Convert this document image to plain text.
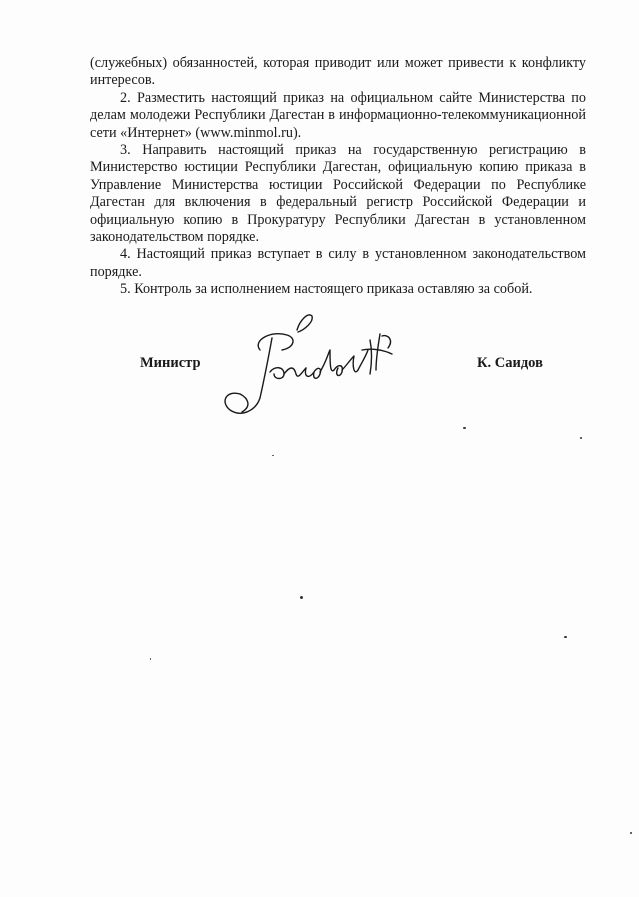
(служебных) обязанностей, которая приводит или может привести к конфликту интересов.

2. Разместить настоящий приказ на официальном сайте Министерства по делам молодежи Республики Дагестан в информационно-телекоммуникационной сети «Интернет» (www.minmol.ru).

3. Направить настоящий приказ на государственную регистрацию в Министерство юстиции Республики Дагестан, официальную копию приказа в Управление Министерства юстиции Российской Федерации по Республике Дагестан для включения в федеральный регистр Российской Федерации и официальную копию в Прокуратуру Республики Дагестан в установленном законодательством порядке.

4. Настоящий приказ вступает в силу в установленном законодательством порядке.

5. Контроль за исполнением настоящего приказа оставляю за собой.

Министр	К. Саидов
